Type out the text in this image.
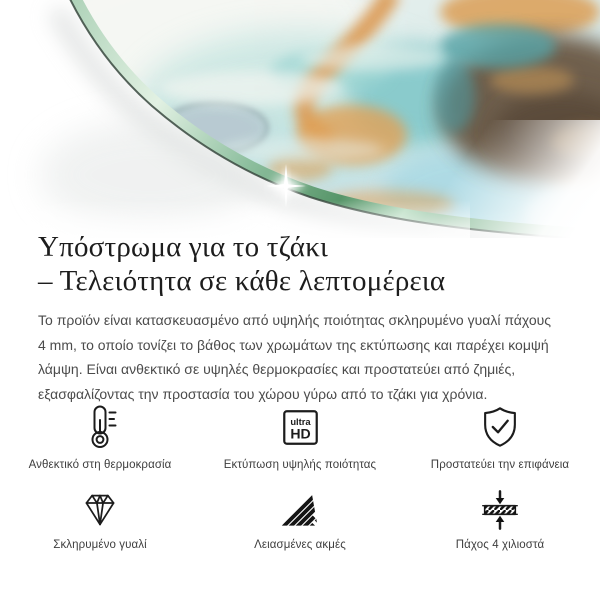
Υπόστρωμα για το τζάκι
– Τελειότητα σε κάθε λεπτομέρεια
Το προϊόν είναι κατασκευασμένο από υψηλής ποιότητας σκληρυμένο γυαλί πάχους 4 mm, το οποίο τονίζει το βάθος των χρωμάτων της εκτύπωσης και παρέχει κομψή λάμψη. Είναι ανθεκτικό σε υψηλές θερμοκρασίες και προστατεύει από ζημιές, εξασφαλίζοντας την προστασία του χώρου γύρω από το τζάκι για χρόνια.
Ανθεκτικό στη θερμοκρασία
ultra
HD
Εκτύπωση υψηλής ποιότητας	Προστατεύει την επιφάνεια
Σκληρυμένο γυαλί	Λειασμένες ακμές	Πάχος 4 χιλιοστά
